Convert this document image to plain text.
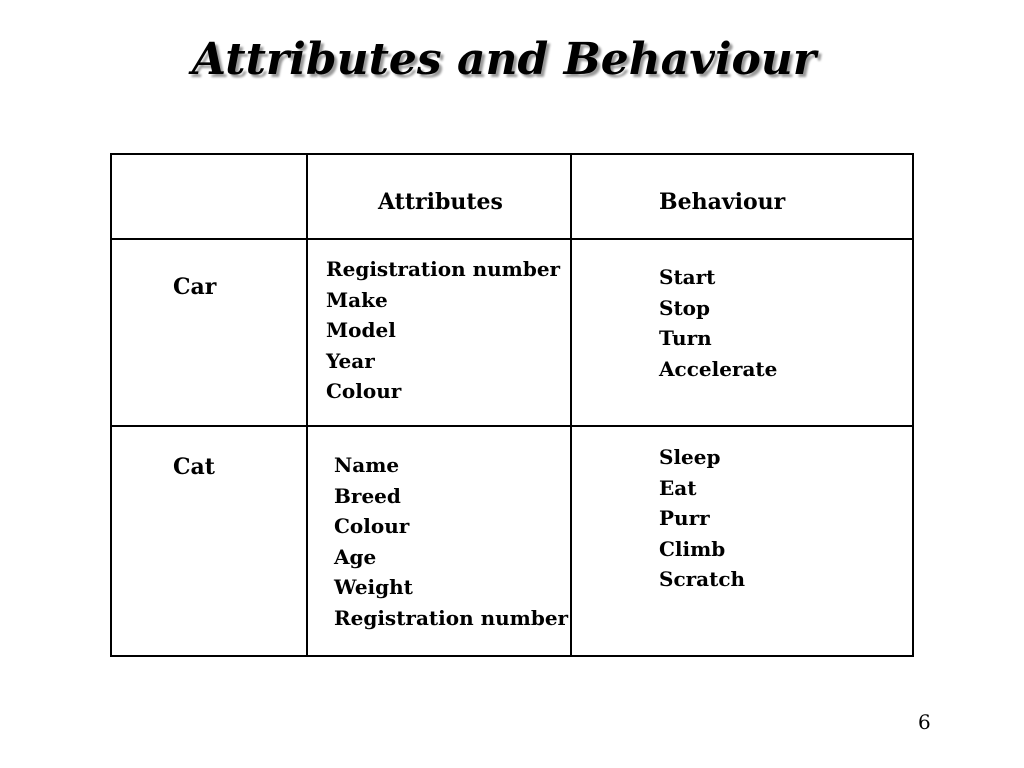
Attributes and Behaviour
Attributes	Behaviour
Car
Registration number
Make
Model
Year
Colour
Start
Stop
Turn
Accelerate
Cat	Name
Breed
Colour
Age
Weight
Registration number
Sleep
Eat
Purr
Climb
Scratch
6
